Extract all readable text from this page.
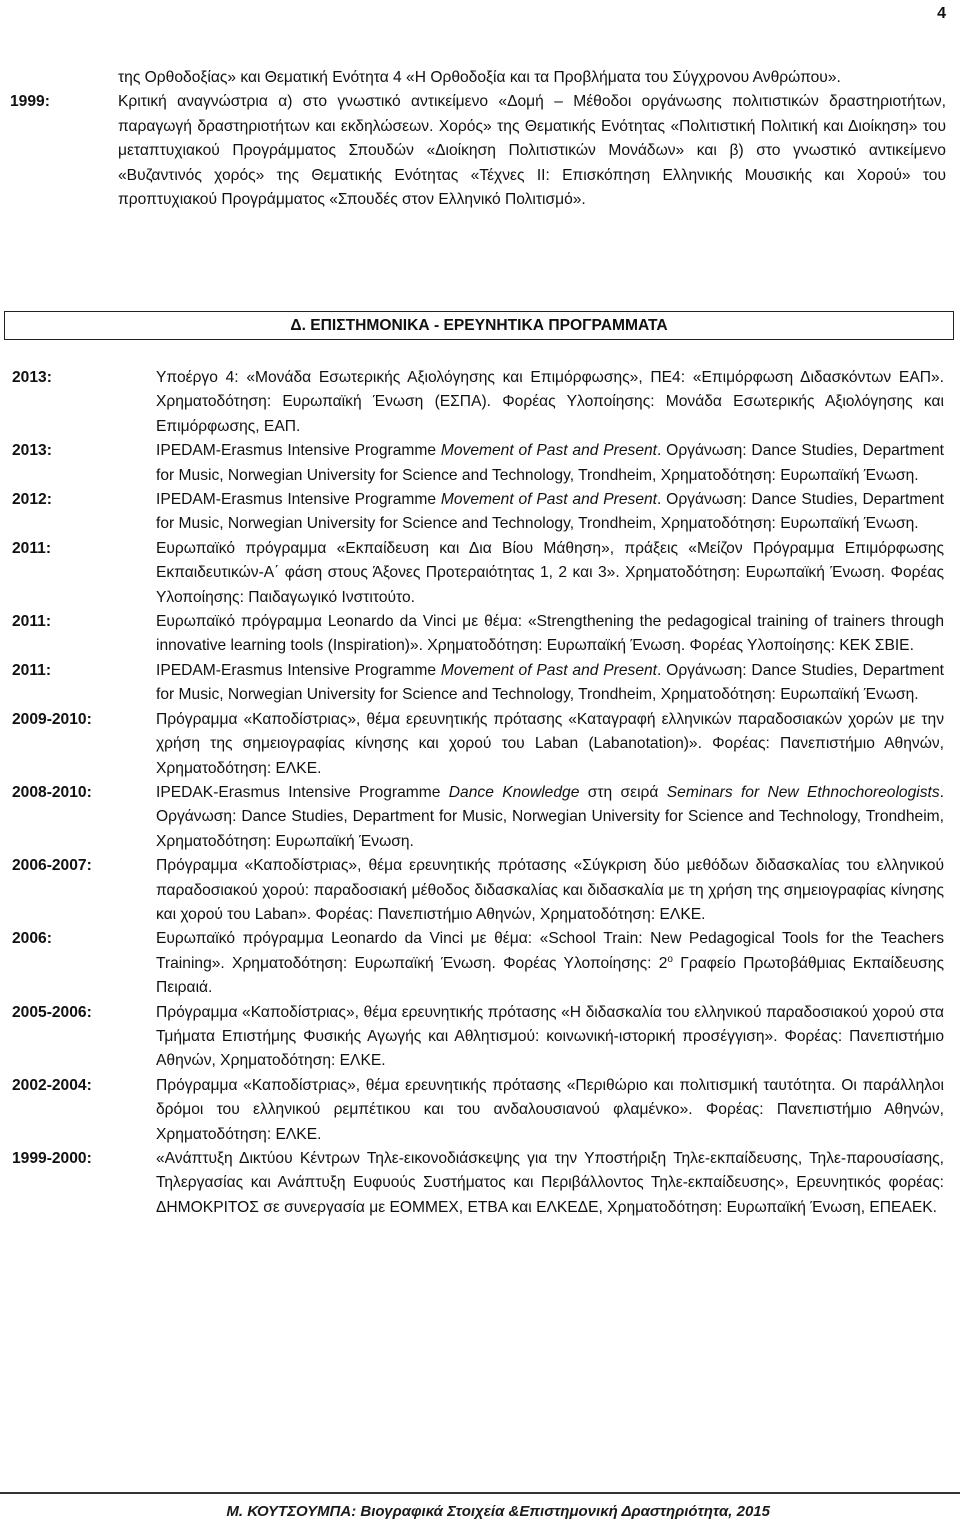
4
της Ορθοδοξίας» και Θεματική Ενότητα 4 «Η Ορθοδοξία και τα Προβλήματα του Σύγχρονου Ανθρώπου».
1999:	Κριτική αναγνώστρια α) στο γνωστικό αντικείμενο «Δομή – Μέθοδοι οργάνωσης πολιτιστικών δραστηριοτήτων, παραγωγή δραστηριοτήτων και εκδηλώσεων. Χορός» της Θεματικής Ενότητας «Πολιτιστική Πολιτική και Διοίκηση» του μεταπτυχιακού Προγράμματος Σπουδών «Διοίκηση Πολιτιστικών Μονάδων» και β) στο γνωστικό αντικείμενο «Βυζαντινός χορός» της Θεματικής Ενότητας «Τέχνες ΙΙ: Επισκόπηση Ελληνικής Μουσικής και Χορού» του προπτυχιακού Προγράμματος «Σπουδές στον Ελληνικό Πολιτισμό».
Δ. ΕΠΙΣΤΗΜΟΝΙΚΑ - ΕΡΕΥΝΗΤΙΚΑ ΠΡΟΓΡΑΜΜΑΤΑ
2013:	Υποέργο 4: «Μονάδα Εσωτερικής Αξιολόγησης και Επιμόρφωσης», ΠΕ4: «Επιμόρφωση Διδασκόντων ΕΑΠ». Χρηματοδότηση: Ευρωπαϊκή Ένωση (ΕΣΠΑ). Φορέας Υλοποίησης: Μονάδα Εσωτερικής Αξιολόγησης και Επιμόρφωσης, ΕΑΠ.
2013:	IPEDAM-Erasmus Intensive Programme Movement of Past and Present. Οργάνωση: Dance Studies, Department for Music, Norwegian University for Science and Technology, Trondheim, Χρηματοδότηση: Ευρωπαϊκή Ένωση.
2012:	IPEDAM-Erasmus Intensive Programme Movement of Past and Present. Οργάνωση: Dance Studies, Department for Music, Norwegian University for Science and Technology, Trondheim, Χρηματοδότηση: Ευρωπαϊκή Ένωση.
2011:	Ευρωπαϊκό πρόγραμμα «Εκπαίδευση και Δια Βίου Μάθηση», πράξεις «Μείζον Πρόγραμμα Επιμόρφωσης Εκπαιδευτικών-Α΄ φάση στους Άξονες Προτεραιότητας 1, 2 και 3». Χρηματοδότηση: Ευρωπαϊκή Ένωση. Φορέας Υλοποίησης: Παιδαγωγικό Ινστιτούτο.
2011:	Ευρωπαϊκό πρόγραμμα Leonardo da Vinci με θέμα: «Strengthening the pedagogical training of trainers through innovative learning tools (Inspiration)». Χρηματοδότηση: Ευρωπαϊκή Ένωση. Φορέας Υλοποίησης: ΚΕΚ ΣΒΙΕ.
2011:	IPEDAM-Erasmus Intensive Programme Movement of Past and Present. Οργάνωση: Dance Studies, Department for Music, Norwegian University for Science and Technology, Trondheim, Χρηματοδότηση: Ευρωπαϊκή Ένωση.
2009-2010:	Πρόγραμμα «Καποδίστριας», θέμα ερευνητικής πρότασης «Καταγραφή ελληνικών παραδοσιακών χορών με την χρήση της σημειογραφίας κίνησης και χορού του Laban (Labanotation)». Φορέας: Πανεπιστήμιο Αθηνών, Χρηματοδότηση: ΕΛΚΕ.
2008-2010:	IPEDAK-Erasmus Intensive Programme Dance Knowledge στη σειρά Seminars for New Ethnochoreologists. Οργάνωση: Dance Studies, Department for Music, Norwegian University for Science and Technology, Trondheim, Χρηματοδότηση: Ευρωπαϊκή Ένωση.
2006-2007:	Πρόγραμμα «Καποδίστριας», θέμα ερευνητικής πρότασης «Σύγκριση δύο μεθόδων διδασκαλίας του ελληνικού παραδοσιακού χορού: παραδοσιακή μέθοδος διδασκαλίας και διδασκαλία με τη χρήση της σημειογραφίας κίνησης και χορού του Laban». Φορέας: Πανεπιστήμιο Αθηνών, Χρηματοδότηση: ΕΛΚΕ.
2006:	Ευρωπαϊκό πρόγραμμα Leonardo da Vinci με θέμα: «School Train: New Pedagogical Tools for the Teachers Training». Χρηματοδότηση: Ευρωπαϊκή Ένωση. Φορέας Υλοποίησης: $2^o$ Γραφείο Πρωτοβάθμιας Εκπαίδευσης Πειραιά.
2005-2006:	Πρόγραμμα «Καποδίστριας», θέμα ερευνητικής πρότασης «Η διδασκαλία του ελληνικού παραδοσιακού χορού στα Τμήματα Επιστήμης Φυσικής Αγωγής και Αθλητισμού: κοινωνική-ιστορική προσέγγιση». Φορέας: Πανεπιστήμιο Αθηνών, Χρηματοδότηση: ΕΛΚΕ.
2002-2004:	Πρόγραμμα «Καποδίστριας», θέμα ερευνητικής πρότασης «Περιθώριο και πολιτισμική ταυτότητα. Οι παράλληλοι δρόμοι του ελληνικού ρεμπέτικου και του ανδαλουσιανού φλαμένκο». Φορέας: Πανεπιστήμιο Αθηνών, Χρηματοδότηση: ΕΛΚΕ.
1999-2000:	«Ανάπτυξη Δικτύου Κέντρων Τηλε-εικονοδιάσκεψης για την Υποστήριξη Τηλε-εκπαίδευσης, Τηλε-παρουσίασης, Τηλεργασίας και Ανάπτυξη Ευφυούς Συστήματος και Περιβάλλοντος Τηλε-εκπαίδευσης», Ερευνητικός φορέας: ΔΗΜΟΚΡΙΤΟΣ σε συνεργασία με ΕΟΜΜΕΧ, ΕΤΒΑ και ΕΛΚΕΔΕ, Χρηματοδότηση: Ευρωπαϊκή Ένωση, ΕΠΕΑΕΚ.
Μ. ΚΟΥΤΣΟΥΜΠΑ: Βιογραφικά Στοιχεία &Επιστημονική Δραστηριότητα, 2015
